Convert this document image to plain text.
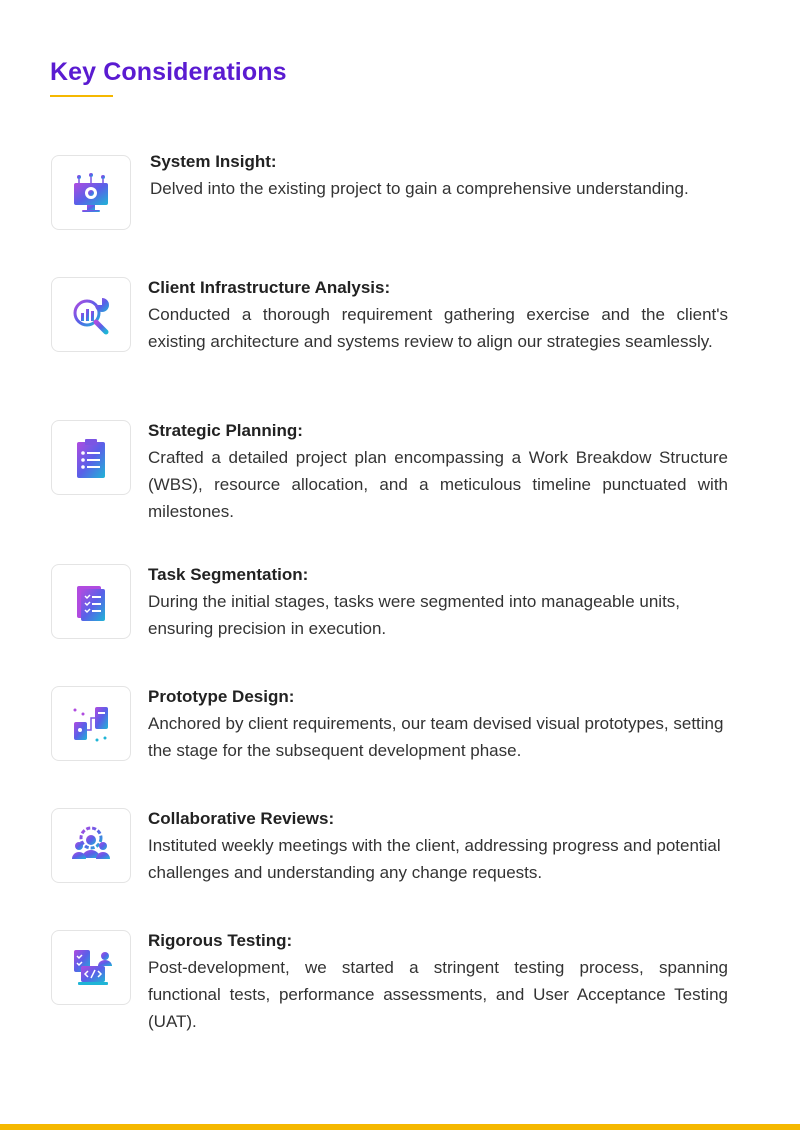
Key Considerations
System Insight:
Delved into the existing project to gain a comprehensive understanding.
Client Infrastructure Analysis:
Conducted a thorough requirement gathering exercise and the client's existing architecture and systems review to align our strategies seamlessly.
Strategic Planning:
Crafted a detailed project plan encompassing a Work Breakdow Structure (WBS), resource allocation, and a meticulous timeline punctuated with milestones.
Task Segmentation:
During the initial stages, tasks were segmented into manageable units, ensuring precision in execution.
Prototype Design:
Anchored by client requirements, our team devised visual prototypes, setting the stage for the subsequent development phase.
Collaborative Reviews:
Instituted weekly meetings with the client, addressing progress and potential challenges and understanding any change requests.
Rigorous Testing:
Post-development, we started a stringent testing process, spanning functional tests, performance assessments, and User Acceptance Testing (UAT).
